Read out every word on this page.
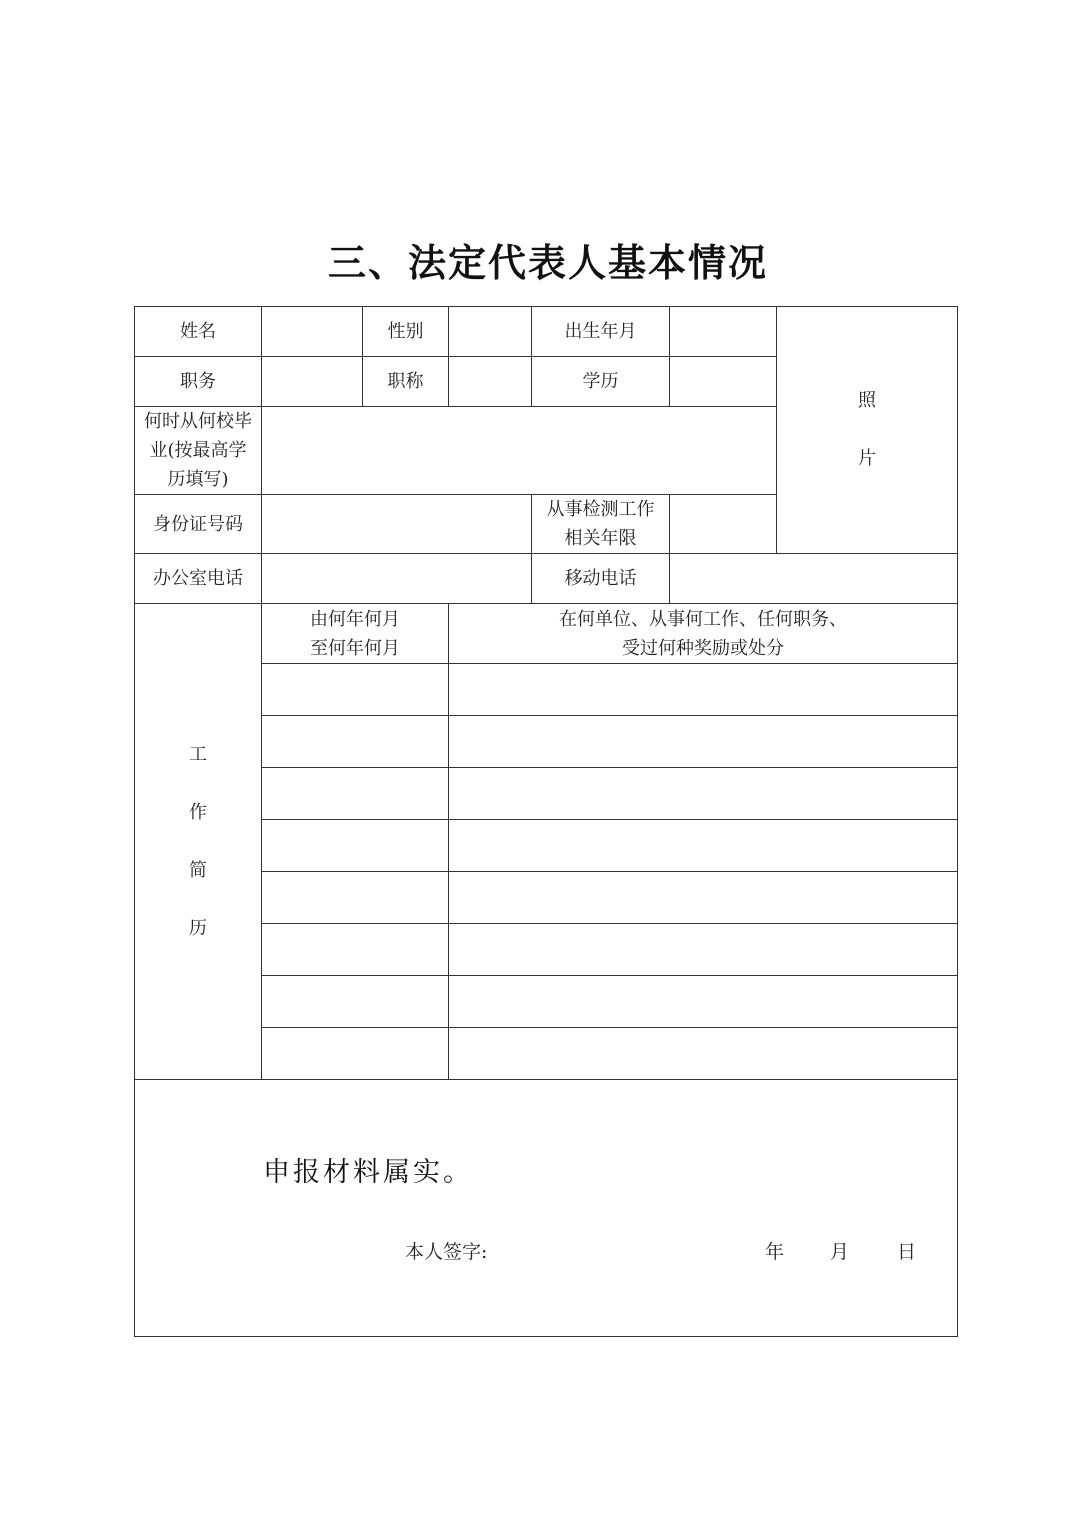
三、法定代表人基本情况
姓名		性别		出生年月		照
片

职务		职称		学历		
何时从何校毕
业(按最高学
历填写)						
身份证号码				从事检测工作
相关年限		
办公室电话				移动电话		

工
作
简
历	由何年何月
至何年何月		在何单位、从事何工作、任何职务、
受过何种奖励或处分			

申报材料属实。
本人签字: 年 月 日						
